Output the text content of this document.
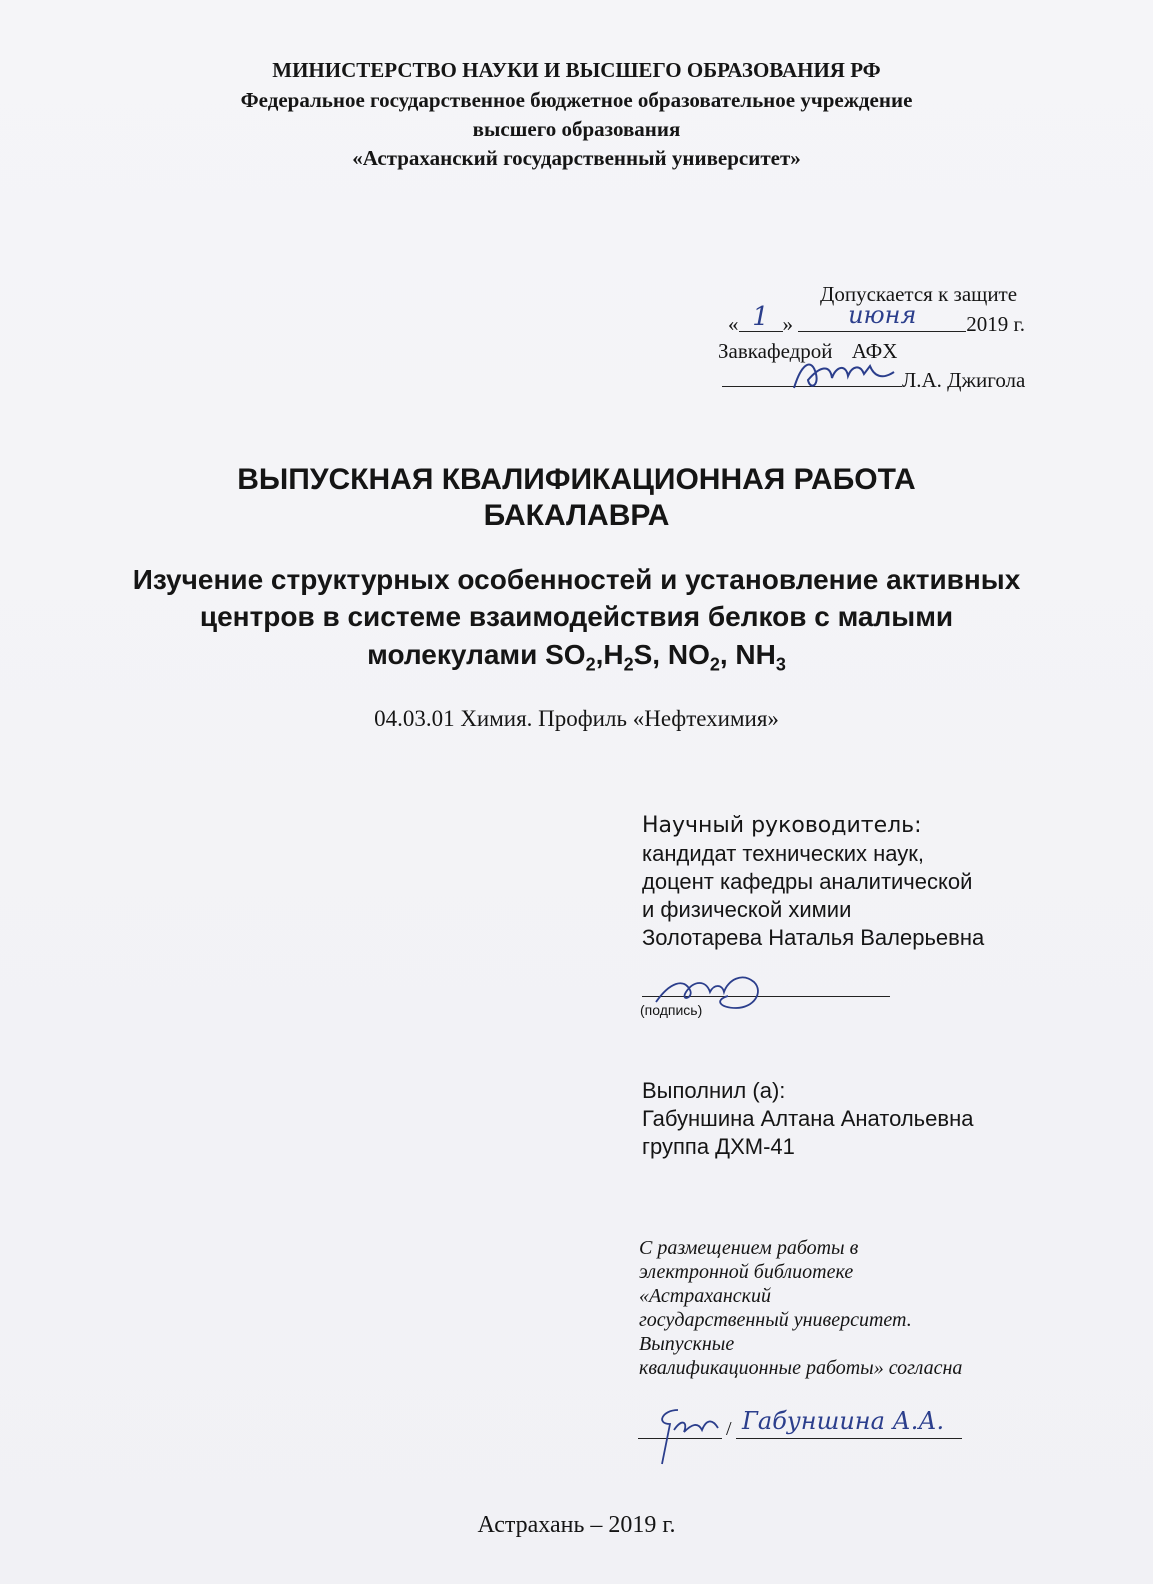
МИНИСТЕРСТВО НАУКИ И ВЫСШЕГО ОБРАЗОВАНИЯ РФ
Федеральное государственное бюджетное образовательное учреждение
высшего образования
«Астраханский государственный университет»
Допускается к защите
« 1 » июня 2019 г.
Завкафедрой АФХ
Л.А. Джигола
ВЫПУСКНАЯ КВАЛИФИКАЦИОННАЯ РАБОТА
БАКАЛАВРА
Изучение структурных особенностей и установление активных
центров в системе взаимодействия белков с малыми
молекулами $SO_2,H_2S$, $NO_2$, $NH_3$
04.03.01 Химия. Профиль «Нефтехимия»
Научный руководитель:
кандидат технических наук,
доцент кафедры аналитической
и физической химии
Золотарева Наталья Валерьевна
(подпись)
Выполнил (а):
Габуншина Алтана Анатольевна
группа ДХМ-41
С размещением работы в
электронной библиотеке
«Астраханский
государственный университет.
Выпускные
квалификационные работы» согласна
/ Габуншина А.А.
Астрахань – 2019 г.
